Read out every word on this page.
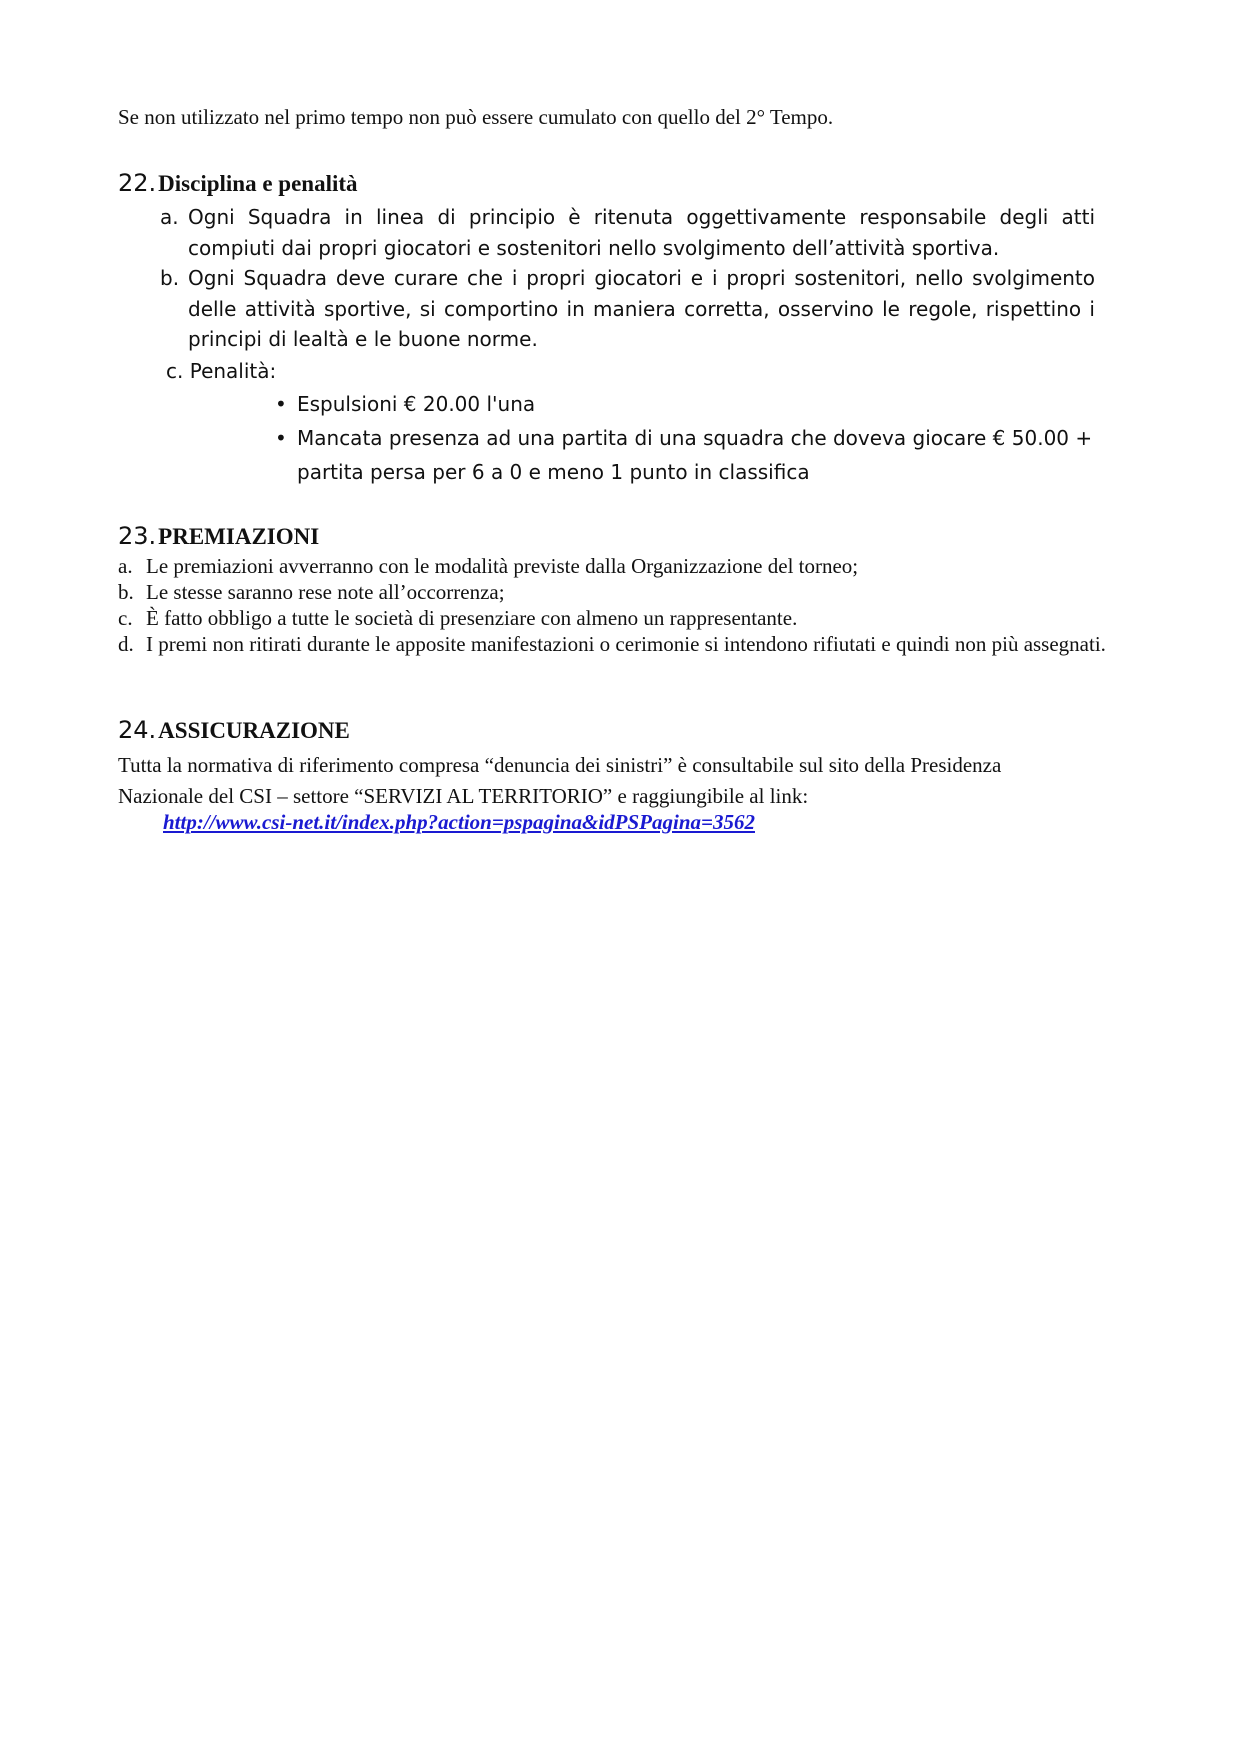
Se non utilizzato nel primo tempo non può essere cumulato con quello del 2° Tempo.
22.Disciplina e penalità
a. Ogni Squadra in linea di principio è ritenuta oggettivamente responsabile degli atti compiuti dai propri giocatori e sostenitori nello svolgimento dell’attività sportiva.
b. Ogni Squadra deve curare che i propri giocatori e i propri sostenitori, nello svolgimento delle attività sportive, si comportino in maniera corretta, osservino le regole, rispettino i principi di lealtà e le buone norme.
c. Penalità:
• Espulsioni € 20.00 l'una
• Mancata presenza ad una partita di una squadra che doveva giocare € 50.00 + partita persa per 6 a 0 e meno 1 punto in classifica
23.PREMIAZIONI
a. Le premiazioni avverranno con le modalità previste dalla Organizzazione del torneo;
b. Le stesse saranno rese note all’occorrenza;
c. È fatto obbligo a tutte le società di presenziare con almeno un rappresentante.
d. I premi non ritirati durante le apposite manifestazioni o cerimonie si intendono rifiutati e quindi non più assegnati.
24.ASSICURAZIONE
Tutta la normativa di riferimento compresa “denuncia dei sinistri” è consultabile sul sito della Presidenza
Nazionale del CSI – settore “SERVIZI AL TERRITORIO” e raggiungibile al link:
http://www.csi-net.it/index.php?action=pspagina&idPSPagina=3562
